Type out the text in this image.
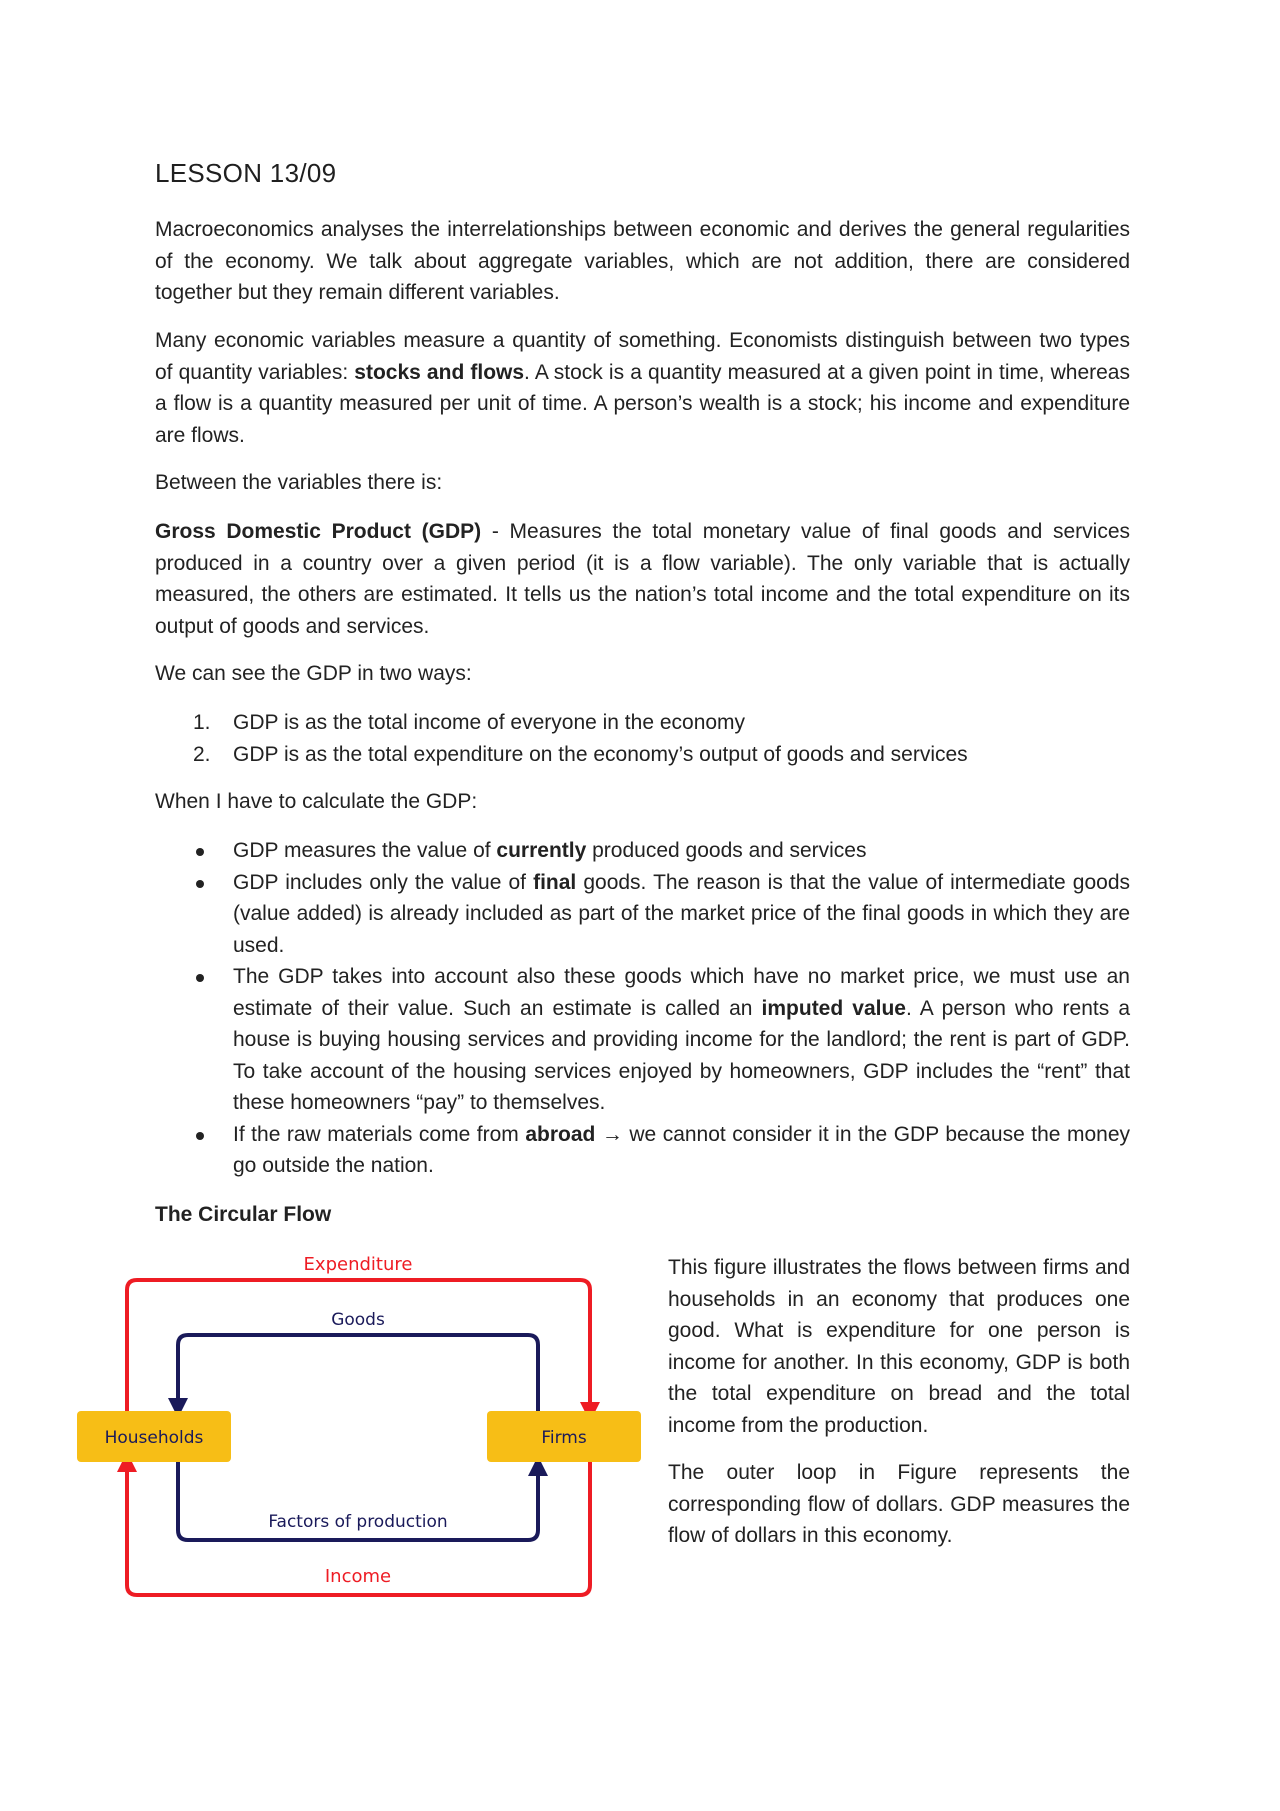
LESSON 13/09
Macroeconomics analyses the interrelationships between economic and derives the general regularities of the economy. We talk about aggregate variables, which are not addition, there are considered together but they remain different variables.
Many economic variables measure a quantity of something. Economists distinguish between two types of quantity variables: stocks and flows. A stock is a quantity measured at a given point in time, whereas a flow is a quantity measured per unit of time. A person’s wealth is a stock; his income and expenditure are flows.
Between the variables there is:
Gross Domestic Product (GDP) - Measures the total monetary value of final goods and services produced in a country over a given period (it is a flow variable). The only variable that is actually measured, the others are estimated. It tells us the nation’s total income and the total expenditure on its output of goods and services.
We can see the GDP in two ways:
1. GDP is as the total income of everyone in the economy
2. GDP is as the total expenditure on the economy’s output of goods and services
When I have to calculate the GDP:
GDP measures the value of currently produced goods and services
GDP includes only the value of final goods. The reason is that the value of intermediate goods (value added) is already included as part of the market price of the final goods in which they are used.
The GDP takes into account also these goods which have no market price, we must use an estimate of their value. Such an estimate is called an imputed value. A person who rents a house is buying housing services and providing income for the landlord; the rent is part of GDP. To take account of the housing services enjoyed by homeowners, GDP includes the “rent” that these homeowners “pay” to themselves.
If the raw materials come from abroad → we cannot consider it in the GDP because the money go outside the nation.
The Circular Flow
This figure illustrates the flows between firms and households in an economy that produces one good. What is expenditure for one person is income for another. In this economy, GDP is both the total expenditure on bread and the total income from the production.
The outer loop in Figure represents the corresponding flow of dollars. GDP measures the flow of dollars in this economy.
Expenditure
Goods
Households	Firms
Factors of production
Income
